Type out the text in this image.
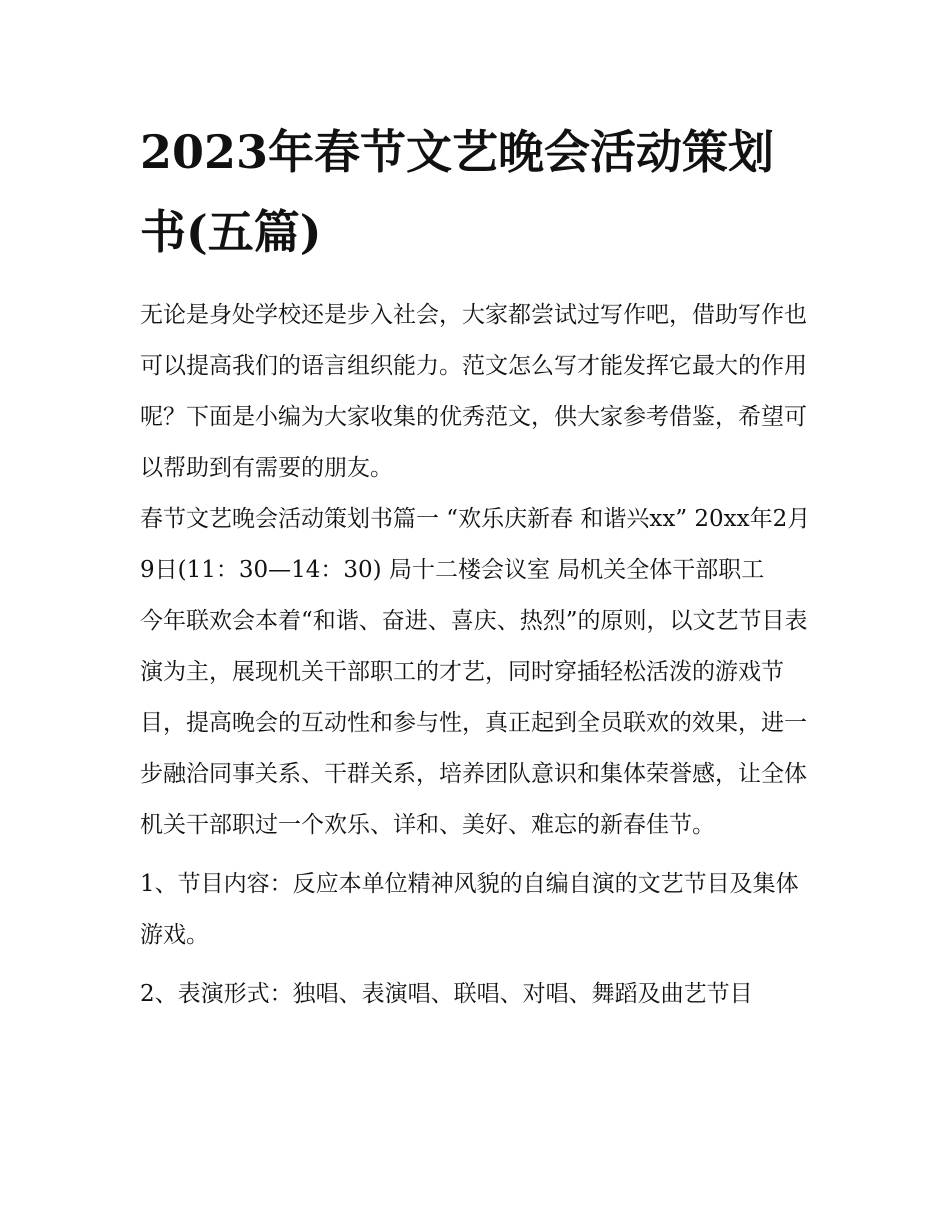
2023年春节文艺晚会活动策划书(五篇)

无论是身处学校还是步入社会，大家都尝试过写作吧，借助写作也可以提高我们的语言组织能力。范文怎么写才能发挥它最大的作用呢？下面是小编为大家收集的优秀范文，供大家参考借鉴，希望可以帮助到有需要的朋友。

春节文艺晚会活动策划书篇一 “欢乐庆新春 和谐兴xx” 20xx年2月9日(11：30—14：30) 局十二楼会议室 局机关全体干部职工

今年联欢会本着“和谐、奋进、喜庆、热烈”的原则，以文艺节目表演为主，展现机关干部职工的才艺，同时穿插轻松活泼的游戏节目，提高晚会的互动性和参与性，真正起到全员联欢的效果，进一步融洽同事关系、干群关系，培养团队意识和集体荣誉感，让全体机关干部职过一个欢乐、详和、美好、难忘的新春佳节。

1、节目内容：反应本单位精神风貌的自编自演的文艺节目及集体游戏。

2、表演形式：独唱、表演唱、联唱、对唱、舞蹈及曲艺节目
